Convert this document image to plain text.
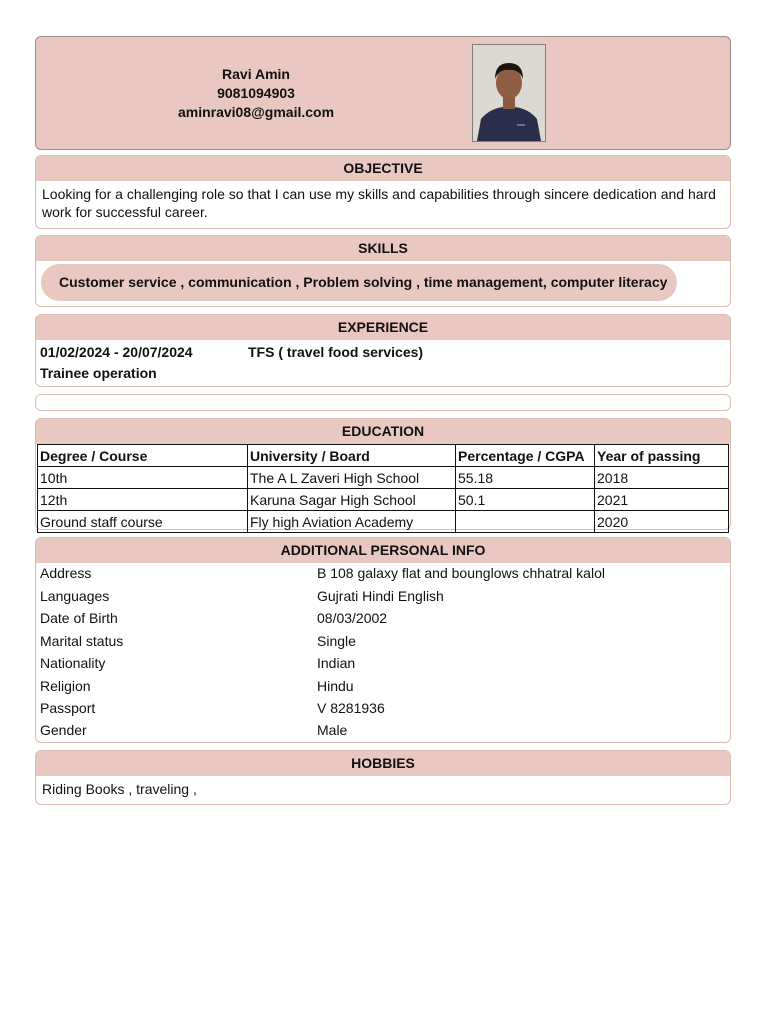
Ravi Amin
9081094903
aminravi08@gmail.com
OBJECTIVE
Looking for a challenging role so that I can use my skills and capabilities through sincere dedication and hard work for successful career.
SKILLS
Customer service , communication , Problem solving , time management, computer literacy
EXPERIENCE
01/02/2024 - 20/07/2024	TFS ( travel food services)
Trainee operation
EDUCATION
Degree / Course	University / Board	Percentage / CGPA	Year of passing
10th	The A L Zaveri High School	55.18	2018
12th	Karuna Sagar High School	50.1	2021
Ground staff course	Fly high Aviation Academy		2020
ADDITIONAL PERSONAL INFO
Address	B 108 galaxy flat and bounglows chhatral kalol
Languages	Gujrati Hindi English
Date of Birth	08/03/2002
Marital status	Single
Nationality	Indian
Religion	Hindu
Passport	V 8281936
Gender	Male
HOBBIES
Riding Books , traveling ,
